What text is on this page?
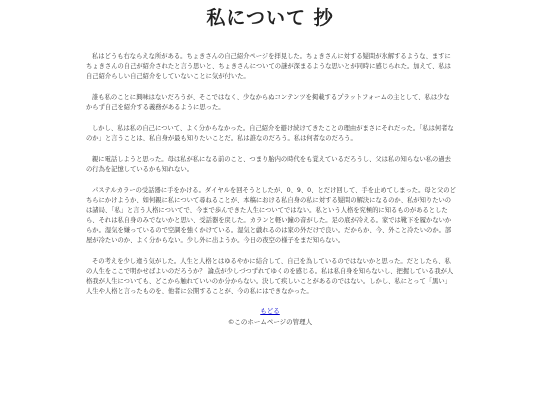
私について 抄

私はどうも右ならえな所がある。ちょきさんの自己紹介ページを拝見した。ちょきさんに対する疑問が氷解するような、ますにちょきさんの自己が紹介されたと言う思いと、ちょきさんについての謎が深まるような思いとが同時に感じられた。加えて、私は自己紹介らしい自己紹介をしていないことに気が付いた。

誰も私のことに興味はないだろうが、そこではなく、少なからぬコンテンツを掲載するプラットフォームの主として、私は少なからず自己を紹介する義務があるように思った。

しかし、私は私の自己について、よく分からなかった。自己紹介を避け続けてきたことの理由がまさにそれだった。「私は何者なのか」と言うことは、私自身が最も知りたいことだ。私は誰なのだろう。私は何者なのだろう。

親に電話しようと思った。母は私が私になる前のこと、つまり胎内の時代をも覚えているだろうし、父は私の知らない私の過去の行為を記憶しているかも知れない。

パステルカラーの受話器に手をかける。ダイヤルを回そうとしたが、0、9、0、とだけ回して、手を止めてしまった。母と父のどちらにかけようか、如何親に私について尋ねることが、本稿における私自身の私に対する疑問の解決になるのか、私が知りたいのは諸局、「私」と言う人格についてで、今まで歩んできた人生についてではない。私という人格を究極的に知るものがあるとしたら、それは私自身のみでないかと思い、受話器を戻した。カランと軽い鐘の音がした。足の底が冷える。家では靴下を履かないからか。湿気を嫌っているので空調を強くかけている。湿気と戯れるのは家の外だけで良い。だからか、今、外こと冷たいのか。部屋が冷たいのか、よく分からない。少し外に出ようか。今日の夜空の様子をまだ知らない。

その考えを少し違う気がした。人生と人格とはゆるやかに結合して、自己を為しているのではないかと思った。だとしたら、私の人生をここで明かせばよいのだろうか？ 論点が少しづつずれてゆくのを感じる。私は私自身を知らないし、把握している我が人格我が人生についても、どこから触れていいのか分からない。決して疾しいことがあるのではない。しかし、私にとって「黒い」人生や人格と言ったものを、他者に公開することが、今の私にはできなかった。

もどる
©このホームページの管理人
